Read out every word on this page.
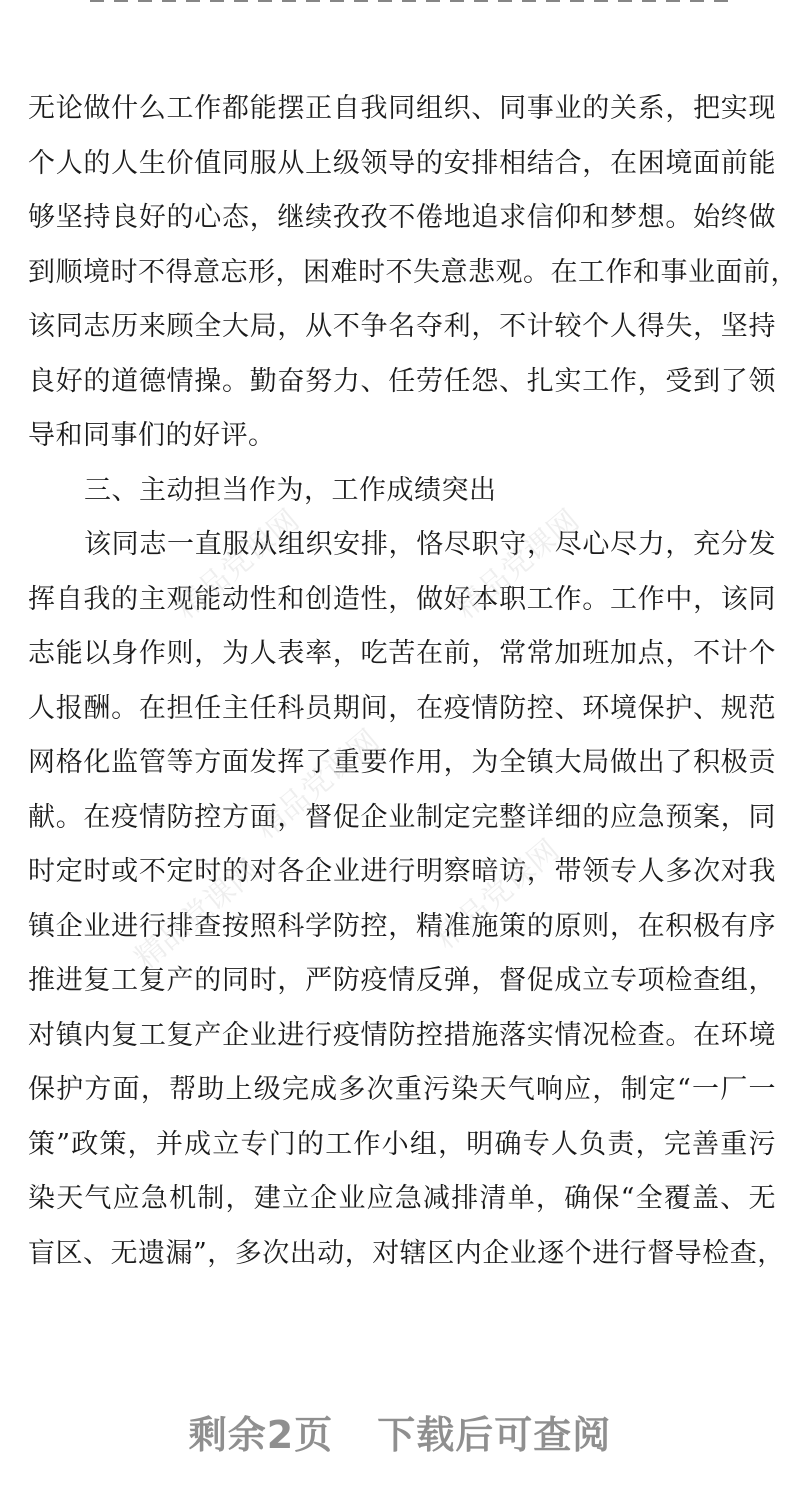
无论做什么工作都能摆正自我同组织、同事业的关系，把实现
个人的人生价值同服从上级领导的安排相结合，在困境面前能
够坚持良好的心态，继续孜孜不倦地追求信仰和梦想。始终做
到顺境时不得意忘形，困难时不失意悲观。在工作和事业面前，
该同志历来顾全大局，从不争名夺利，不计较个人得失，坚持
良好的道德情操。勤奋努力、任劳任怨、扎实工作，受到了领
导和同事们的好评。
三、主动担当作为，工作成绩突出
该同志一直服从组织安排，恪尽职守，尽心尽力，充分发
挥自我的主观能动性和创造性，做好本职工作。工作中，该同
志能以身作则，为人表率，吃苦在前，常常加班加点，不计个
人报酬。在担任主任科员期间，在疫情防控、环境保护、规范
网格化监管等方面发挥了重要作用，为全镇大局做出了积极贡
献。在疫情防控方面，督促企业制定完整详细的应急预案，同
时定时或不定时的对各企业进行明察暗访，带领专人多次对我
镇企业进行排查按照科学防控，精准施策的原则，在积极有序
推进复工复产的同时，严防疫情反弹，督促成立专项检查组，
对镇内复工复产企业进行疫情防控措施落实情况检查。在环境
保护方面，帮助上级完成多次重污染天气响应，制定“一厂一
策”政策，并成立专门的工作小组，明确专人负责，完善重污
染天气应急机制，建立企业应急减排清单，确保“全覆盖、无
盲区、无遗漏”，多次出动，对辖区内企业逐个进行督导检查，
精品党课网	精品党课网
精品党课网
精品党课网	精品党课网
剩余2页 下载后可查阅
